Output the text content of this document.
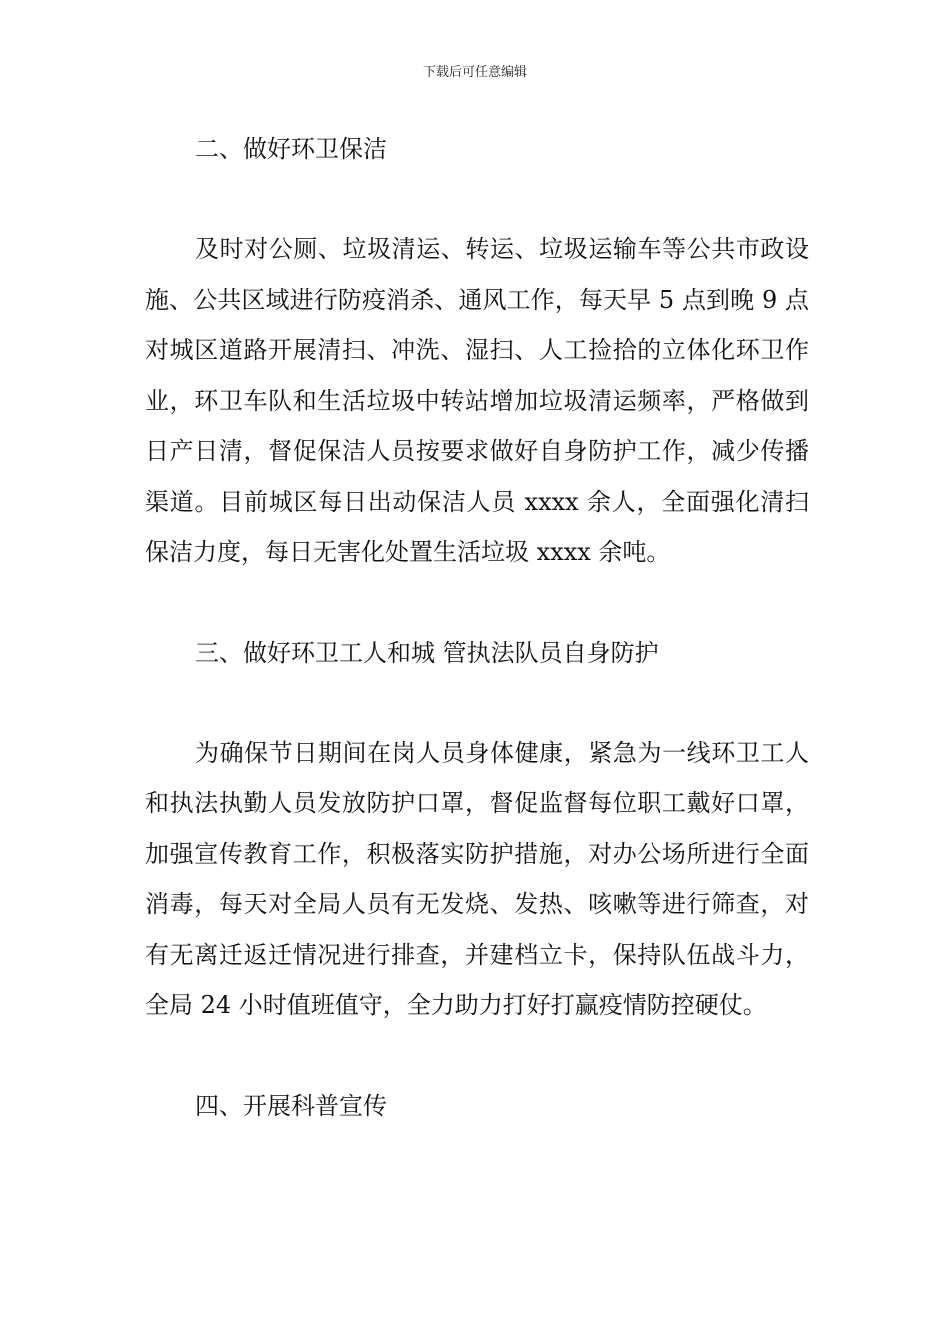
下载后可任意编辑
二、做好环卫保洁
及时对公厕、垃圾清运、转运、垃圾运输车等公共市政设施、公共区域进行防疫消杀、通风工作，每天早 5 点到晚 9 点对城区道路开展清扫、冲洗、湿扫、人工捡拾的立体化环卫作业，环卫车队和生活垃圾中转站增加垃圾清运频率，严格做到日产日清，督促保洁人员按要求做好自身防护工作，减少传播渠道。目前城区每日出动保洁人员 xxxx 余人，全面强化清扫保洁力度，每日无害化处置生活垃圾 xxxx 余吨。
三、做好环卫工人和城 管执法队员自身防护
为确保节日期间在岗人员身体健康，紧急为一线环卫工人和执法执勤人员发放防护口罩，督促监督每位职工戴好口罩，加强宣传教育工作，积极落实防护措施，对办公场所进行全面消毒，每天对全局人员有无发烧、发热、咳嗽等进行筛查，对有无离迁返迁情况进行排查，并建档立卡，保持队伍战斗力，全局 24 小时值班值守，全力助力打好打赢疫情防控硬仗。
四、开展科普宣传
